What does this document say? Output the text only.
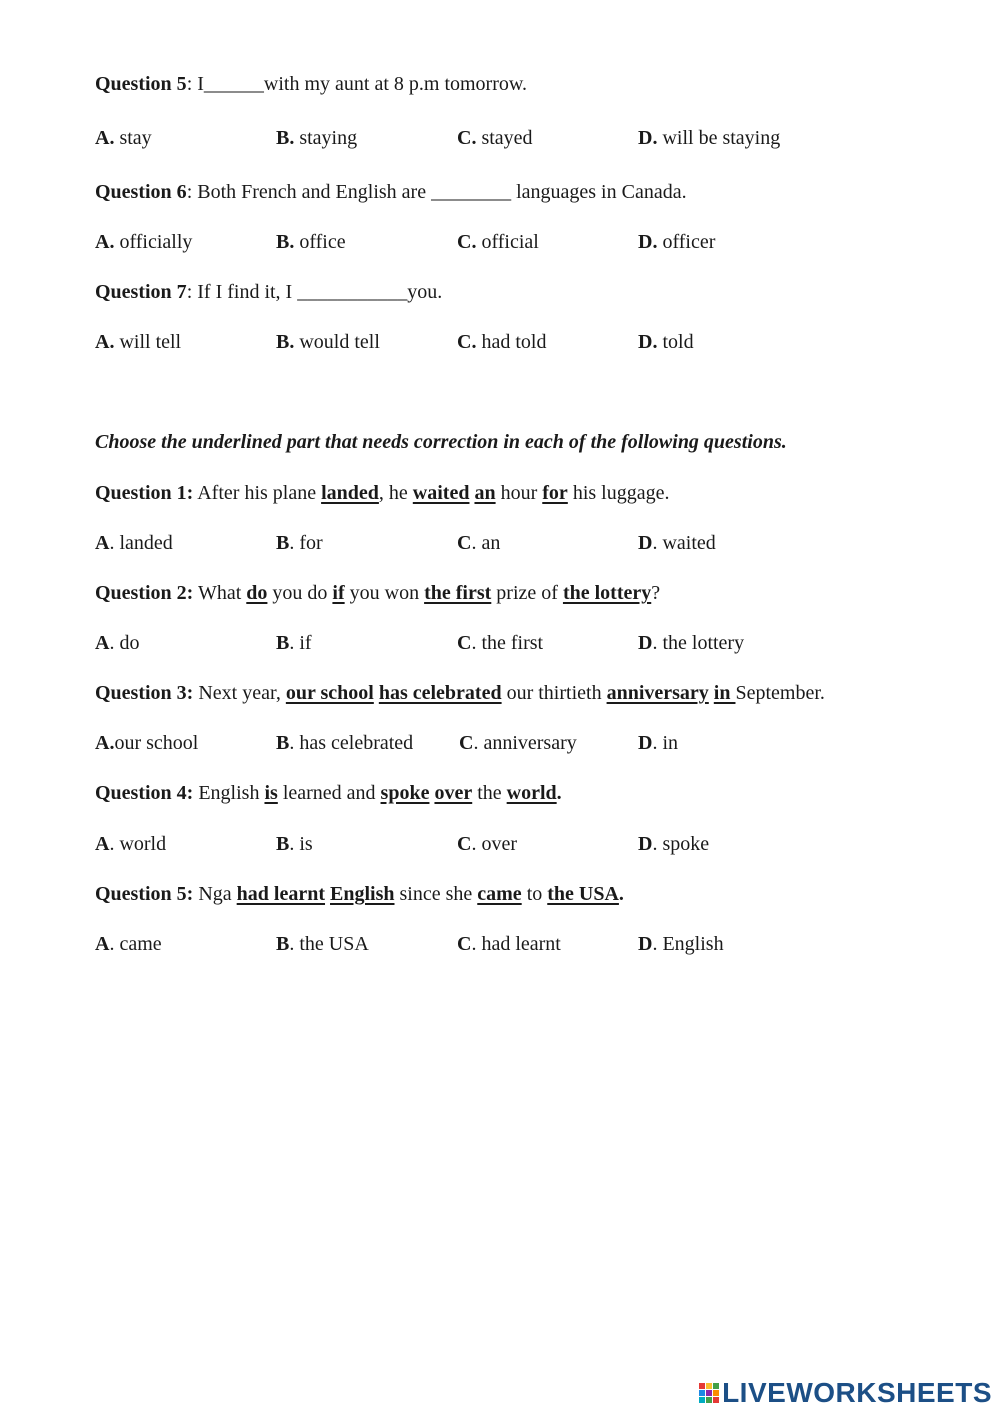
Question 5: I______with my aunt at 8 p.m tomorrow.
A. stay	B. staying	C. stayed	D. will be staying
Question 6: Both French and English are ________ languages in Canada.
A. officially	B. office	C. official	D. officer
Question 7: If I find it, I ___________you.
A. will tell	B. would tell	C. had told	D. told
Choose the underlined part that needs correction in each of the following questions.
Question 1: After his plane landed, he waited an hour for his luggage.
A. landed	B. for	C. an	D. waited
Question 2: What do you do if you won the first prize of the lottery?
A. do	B. if	C. the first	D. the lottery
Question 3: Next year, our school has celebrated our thirtieth anniversary in September.
A.our school	B. has celebrated C. anniversary	D. in
Question 4: English is learned and spoke over the world.
A. world	B. is	C. over	D. spoke
Question 5: Nga had learnt English since she came to the USA.
A. came	B. the USA	C. had learnt	D. English
LIVEWORKSHEETS
